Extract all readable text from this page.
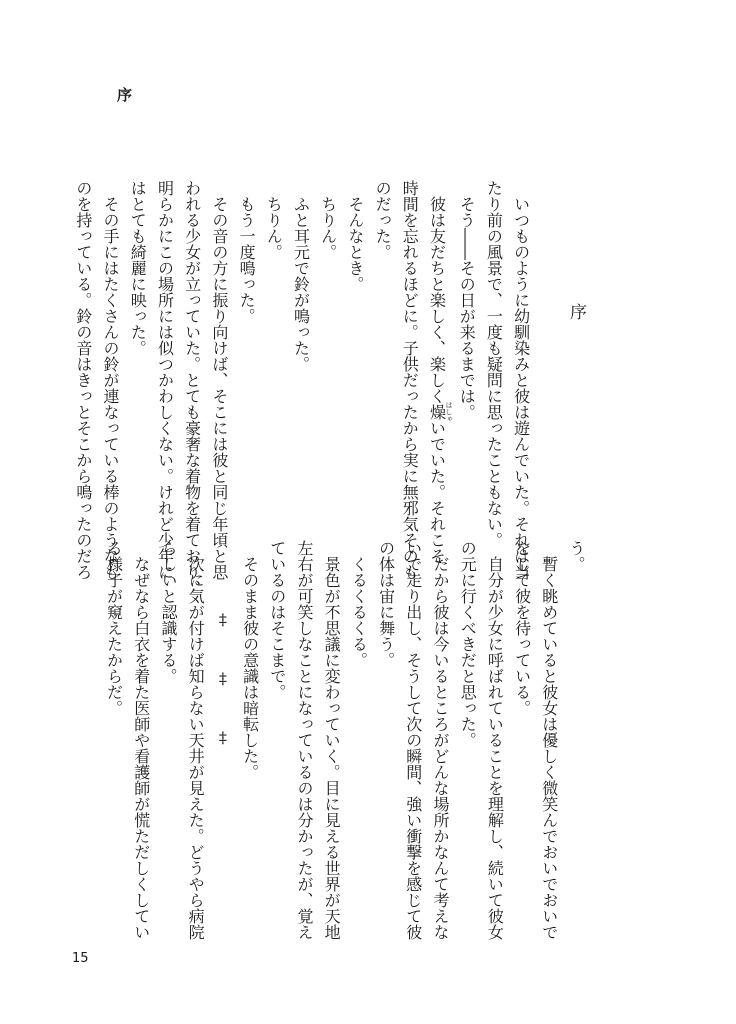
序

序

　いつものように幼馴染みと彼は遊んでいた。それは当

たり前の風景で、一度も疑問に思ったこともない。

　そう――その日が来るまでは。

　彼は友だちと楽しく、楽しく燥はしゃいでいた。それこそ

時間を忘れるほどに。子供だったから実に無邪気そのも

のだった。

　そんなとき。

　ちりん。

　ふと耳元で鈴が鳴った。

　ちりん。

　もう一度鳴った。

　その音の方に振り向けば、そこには彼と同じ年頃と思

われる少女が立っていた。とても豪奢な着物を着ており、

明らかにこの場所には似つかわしくない。けれど少年に

はとても綺麗に映った。

　その手にはたくさんの鈴が連なっている棒のようなも

のを持っている。鈴の音はきっとそこから鳴ったのだろ	う。

　暫く眺めていると彼女は優しく微笑んでおいでおいで

をして彼を待っている。

　自分が少女に呼ばれていることを理解し、続いて彼女

の元に行くべきだと思った。

　だから彼は今いるところがどんな場所かなんて考えな

いで走り出し、そうして次の瞬間、強い衝撃を感じて彼

の体は宙に舞う。

　くるくるくる。

　景色が不思議に変わっていく。目に見える世界が天地

左右が可笑しなことになっているのは分かったが、覚え

ているのはそこまで。

　そのまま彼の意識は暗転した。

‡‡‡

　次に気が付けば知らない天井が見えた。どうやら病院

らしいと認識する。

　なぜなら白衣を着た医師や看護師が慌ただしくしてい

る様子が窺えたからだ。

15
